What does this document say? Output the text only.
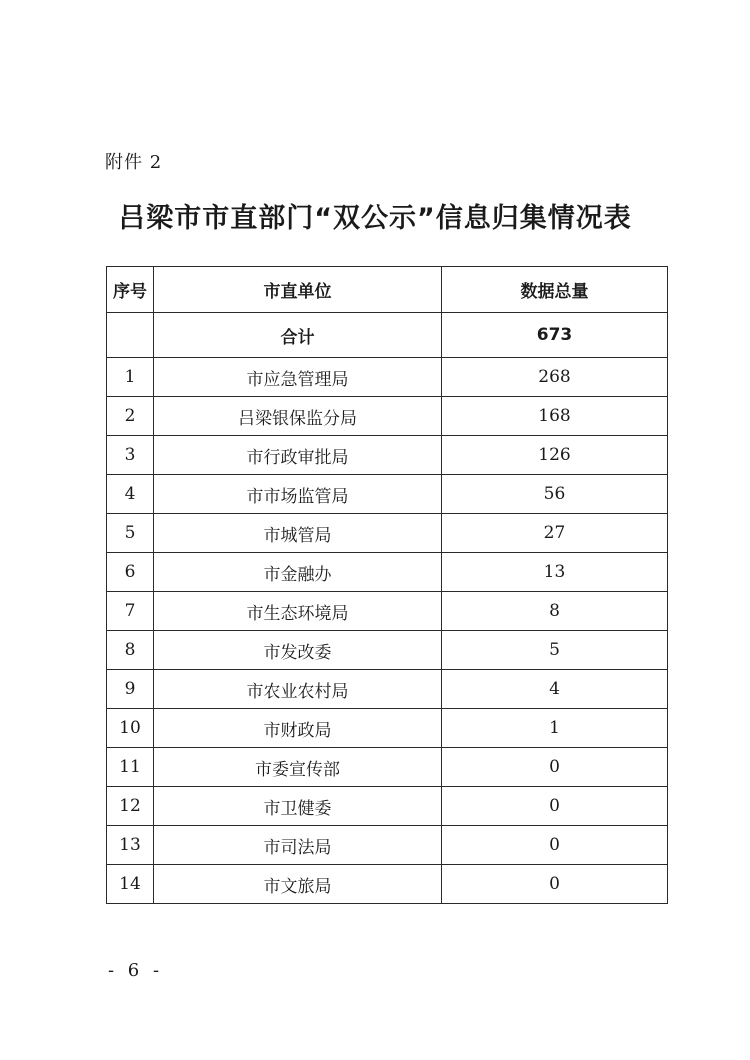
附件 2
吕梁市市直部门“双公示”信息归集情况表
序号	市直单位	数据总量
	合计	673
1	市应急管理局	268
2	吕梁银保监分局	168
3	市行政审批局	126
4	市市场监管局	56
5	市城管局	27
6	市金融办	13
7	市生态环境局	8
8	市发改委	5
9	市农业农村局	4
10	市财政局	1
11	市委宣传部	0
12	市卫健委	0
13	市司法局	0
14	市文旅局	0
- 6 -
